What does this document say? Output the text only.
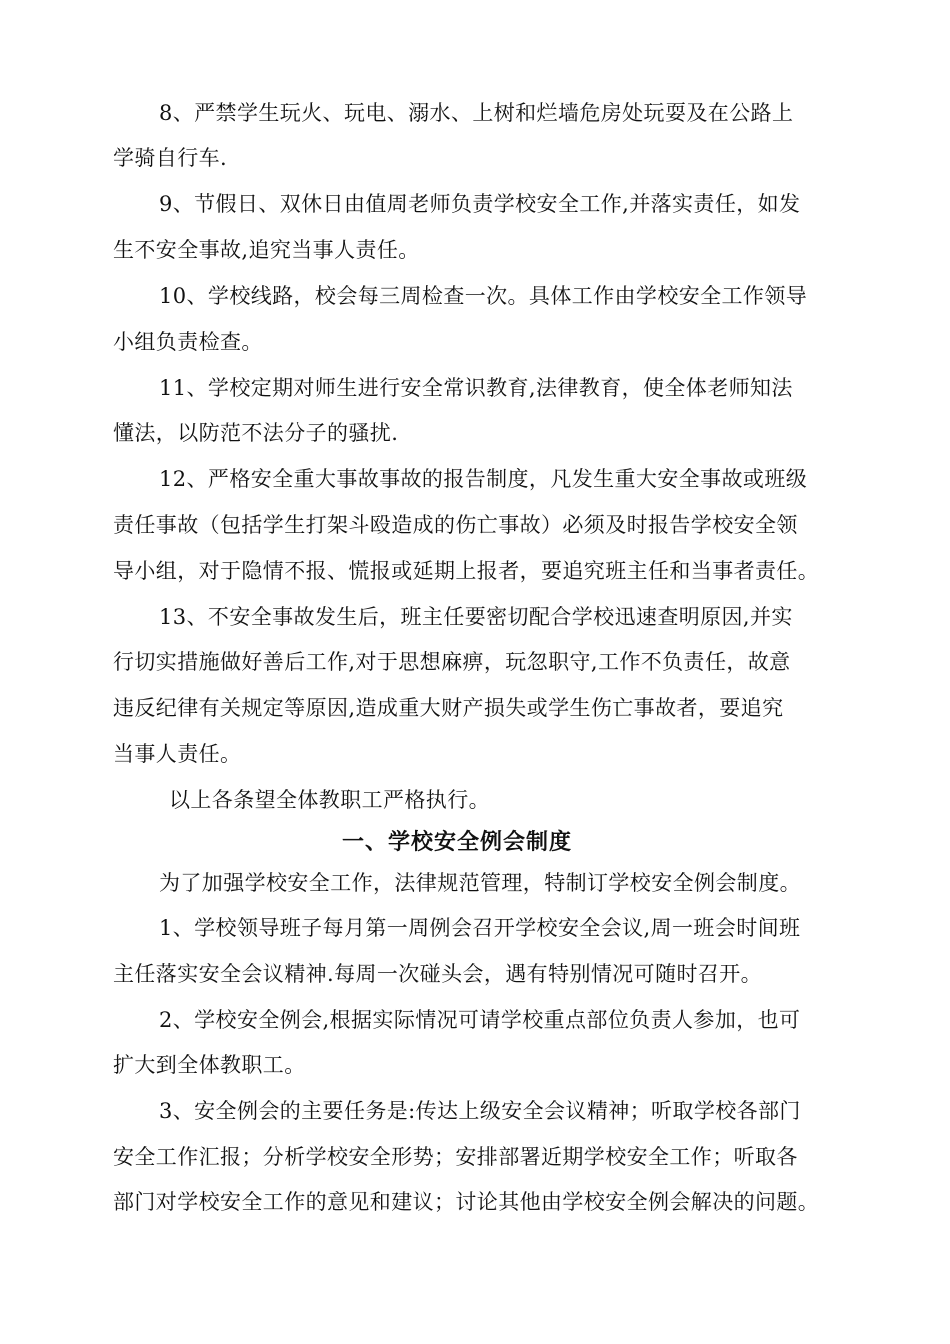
8、严禁学生玩火、玩电、溺水、上树和烂墙危房处玩耍及在公路上
学骑自行车.
9、节假日、双休日由值周老师负责学校安全工作,并落实责任，如发
生不安全事故,追究当事人责任。
10、学校线路，校会每三周检查一次。具体工作由学校安全工作领导
小组负责检查。
11、学校定期对师生进行安全常识教育,法律教育，使全体老师知法
懂法，以防范不法分子的骚扰.
12、严格安全重大事故事故的报告制度，凡发生重大安全事故或班级
责任事故（包括学生打架斗殴造成的伤亡事故）必须及时报告学校安全领
导小组，对于隐情不报、慌报或延期上报者，要追究班主任和当事者责任。
13、不安全事故发生后，班主任要密切配合学校迅速查明原因,并实
行切实措施做好善后工作,对于思想麻痹，玩忽职守,工作不负责任，故意
违反纪律有关规定等原因,造成重大财产损失或学生伤亡事故者，要追究
当事人责任。
以上各条望全体教职工严格执行。
一、学校安全例会制度
为了加强学校安全工作，法律规范管理，特制订学校安全例会制度。
1、学校领导班子每月第一周例会召开学校安全会议,周一班会时间班
主任落实安全会议精神.每周一次碰头会，遇有特别情况可随时召开。
2、学校安全例会,根据实际情况可请学校重点部位负责人参加，也可
扩大到全体教职工。
3、安全例会的主要任务是:传达上级安全会议精神；听取学校各部门
安全工作汇报；分析学校安全形势；安排部署近期学校安全工作；听取各
部门对学校安全工作的意见和建议；讨论其他由学校安全例会解决的问题。
